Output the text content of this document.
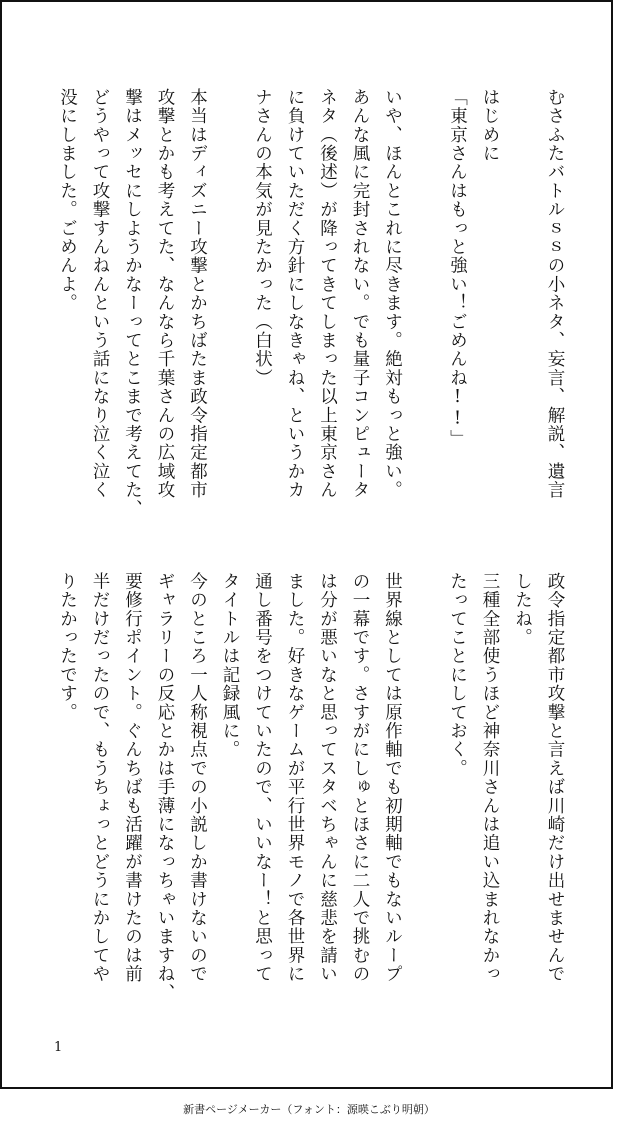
むさふたバトルｓｓの小ネタ、妄言、解説、遺言

はじめに
「東京さんはもっと強い！ごめんね!!」

いや、ほんとこれに尽きます。絶対もっと強い。
あんな風に完封されない。でも量子コンピュータ
ネタ（後述）が降ってきてしまった以上東京さん
に負けていただく方針にしなきゃね、というかカ
ナさんの本気が見たかった（白状）

本当はディズニー攻撃とかちばたま政令指定都市
攻撃とかも考えてた、なんなら千葉さんの広域攻
撃はメッセにしようかなーってとこまで考えてた、
どうやって攻撃すんねんという話になり泣く泣く
没にしました。ごめんよ。
政令指定都市攻撃と言えば川崎だけ出せませんで
したね。
三種全部使うほど神奈川さんは追い込まれなかっ
たってことにしておく。

世界線としては原作軸でも初期軸でもないループ
の一幕です。さすがにしゅとほさに二人で挑むの
は分が悪いなと思ってスタベちゃんに慈悲を請い
ました。好きなゲームが平行世界モノで各世界に
通し番号をつけていたので、いいなー！と思って
タイトルは記録風に。
今のところ一人称視点での小説しか書けないので
ギャラリーの反応とかは手薄になっちゃいますね、
要修行ポイント。ぐんちばも活躍が書けたのは前
半だけだったので、もうちょっとどうにかしてや
りたかったです。
1
新書ページメーカー（フォント：源暎こぶり明朝）
